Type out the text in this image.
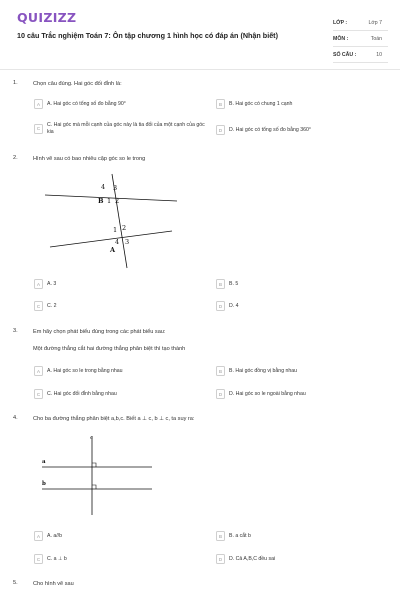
QUIZIZZ
10 câu Trắc nghiệm Toán 7: Ôn tập chương 1 hình học có đáp án (Nhận biết)
LỚP :	Lớp 7
MÔN :	Toán
SỐ CÂU :	10
1.	Chọn câu đúng. Hai góc đối đỉnh là:
A	A. Hai góc có tổng số đo bằng 90°	B	B. Hai góc có chung 1 cạnh
C
C. Hai góc mà mỗi cạnh của góc này là tia đối của một cạnh của góc kia	D	D. Hai góc có tổng số đo bằng 360°
2.	Hình vẽ sau có bao nhiêu cặp góc so le trong
4 3
B 1 2
1 2
4 3
A
A	A. 3	B	B. 5
C	C. 2	D	D. 4
3.	Em hãy chọn phát biểu đúng trong các phát biểu sau:
Một đường thẳng cắt hai đường thẳng phân biệt thì tạo thành
A	A. Hai góc so le trong bằng nhau	B	B. Hai góc đồng vị bằng nhau
C	C. Hai góc đối đỉnh bằng nhau	D	D. Hai góc so le ngoài bằng nhau
4.	Cho ba đường thẳng phân biệt a,b,c. Biết a ⊥ c, b ⊥ c, ta suy ra:
a
b
c
A	A. a//b	B	B. a cắt b
C	C. a ⊥ b	D	D. Cả A,B,C đều sai
5.	Cho hình vẽ sau
